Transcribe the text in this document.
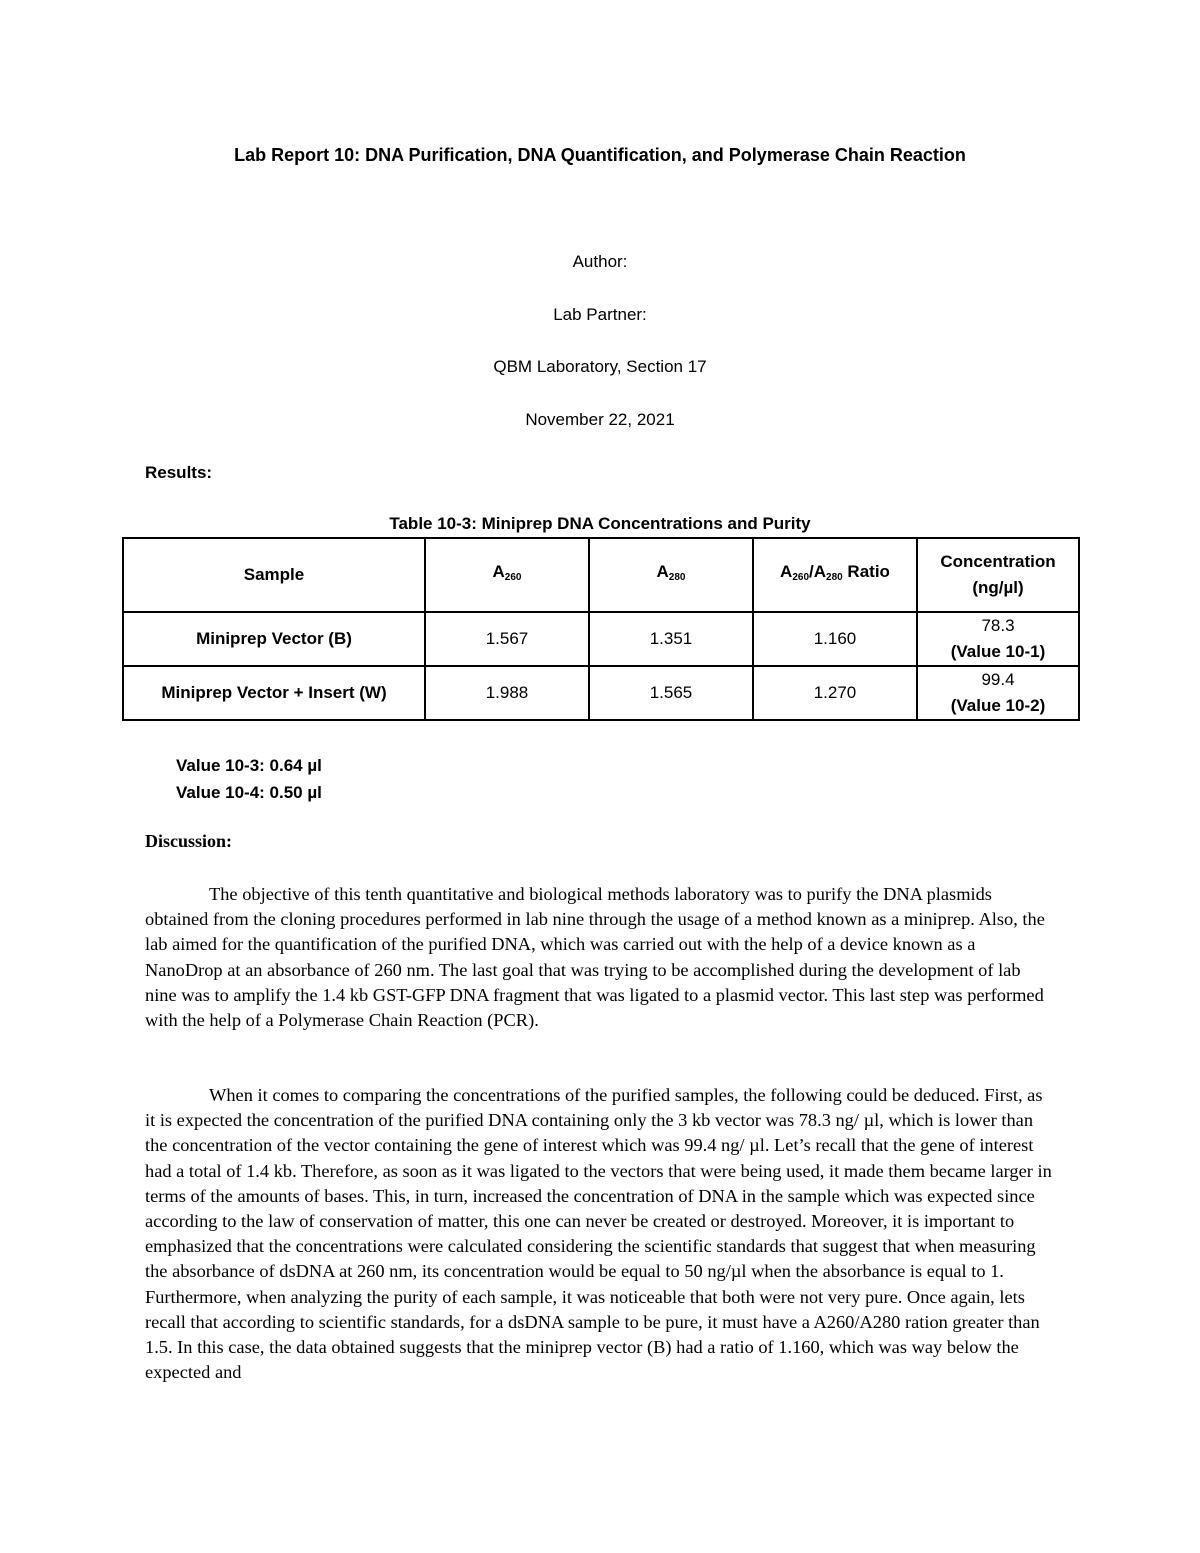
Lab Report 10: DNA Purification, DNA Quantification, and Polymerase Chain Reaction
Author:
Lab Partner:
QBM Laboratory, Section 17
November 22, 2021
Results:
Table 10-3: Miniprep DNA Concentrations and Purity
Sample	$A_{260}$	$A_{280}$	$A_{260}/A_{280}$ Ratio	Concentration
(ng/µl)

Miniprep Vector (B)	1.567	1.351	1.160	78.3
(Value 10-1)

Miniprep Vector + Insert (W)	1.988	1.565	1.270	99.4
(Value 10-2)
Value 10-3: 0.64 µl
Value 10-4: 0.50 µl
Discussion:
The objective of this tenth quantitative and biological methods laboratory was to purify the DNA plasmids obtained from the cloning procedures performed in lab nine through the usage of a method known as a miniprep. Also, the lab aimed for the quantification of the purified DNA, which was carried out with the help of a device known as a NanoDrop at an absorbance of 260 nm. The last goal that was trying to be accomplished during the development of lab nine was to amplify the 1.4 kb GST-GFP DNA fragment that was ligated to a plasmid vector. This last step was performed with the help of a Polymerase Chain Reaction (PCR).
When it comes to comparing the concentrations of the purified samples, the following could be deduced. First, as it is expected the concentration of the purified DNA containing only the 3 kb vector was 78.3 ng/ µl, which is lower than the concentration of the vector containing the gene of interest which was 99.4 ng/ µl. Let’s recall that the gene of interest had a total of 1.4 kb. Therefore, as soon as it was ligated to the vectors that were being used, it made them became larger in terms of the amounts of bases. This, in turn, increased the concentration of DNA in the sample which was expected since according to the law of conservation of matter, this one can never be created or destroyed. Moreover, it is important to emphasized that the concentrations were calculated considering the scientific standards that suggest that when measuring the absorbance of dsDNA at 260 nm, its concentration would be equal to 50 ng/µl when the absorbance is equal to 1. Furthermore, when analyzing the purity of each sample, it was noticeable that both were not very pure. Once again, lets recall that according to scientific standards, for a dsDNA sample to be pure, it must have a A260/A280 ration greater than 1.5. In this case, the data obtained suggests that the miniprep vector (B) had a ratio of 1.160, which was way below the expected and
